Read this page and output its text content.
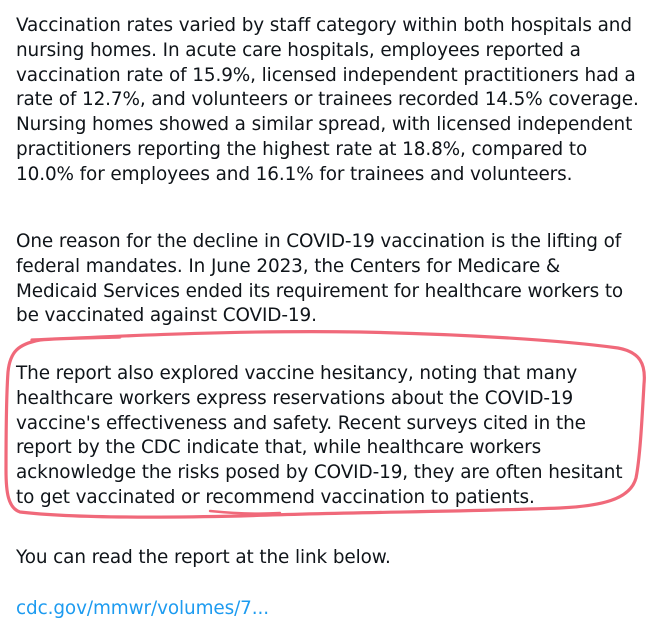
Vaccination rates varied by staff category within both hospitals and nursing homes. In acute care hospitals, employees reported a vaccination rate of 15.9%, licensed independent practitioners had a rate of 12.7%, and volunteers or trainees recorded 14.5% coverage. Nursing homes showed a similar spread, with licensed independent practitioners reporting the highest rate at 18.8%, compared to 10.0% for employees and 16.1% for trainees and volunteers.

One reason for the decline in COVID-19 vaccination is the lifting of federal mandates. In June 2023, the Centers for Medicare & Medicaid Services ended its requirement for healthcare workers to be vaccinated against COVID-19.

The report also explored vaccine hesitancy, noting that many healthcare workers express reservations about the COVID-19 vaccine's effectiveness and safety. Recent surveys cited in the report by the CDC indicate that, while healthcare workers acknowledge the risks posed by COVID-19, they are often hesitant to get vaccinated or recommend vaccination to patients.

You can read the report at the link below.

cdc.gov/mmwr/volumes/7...
